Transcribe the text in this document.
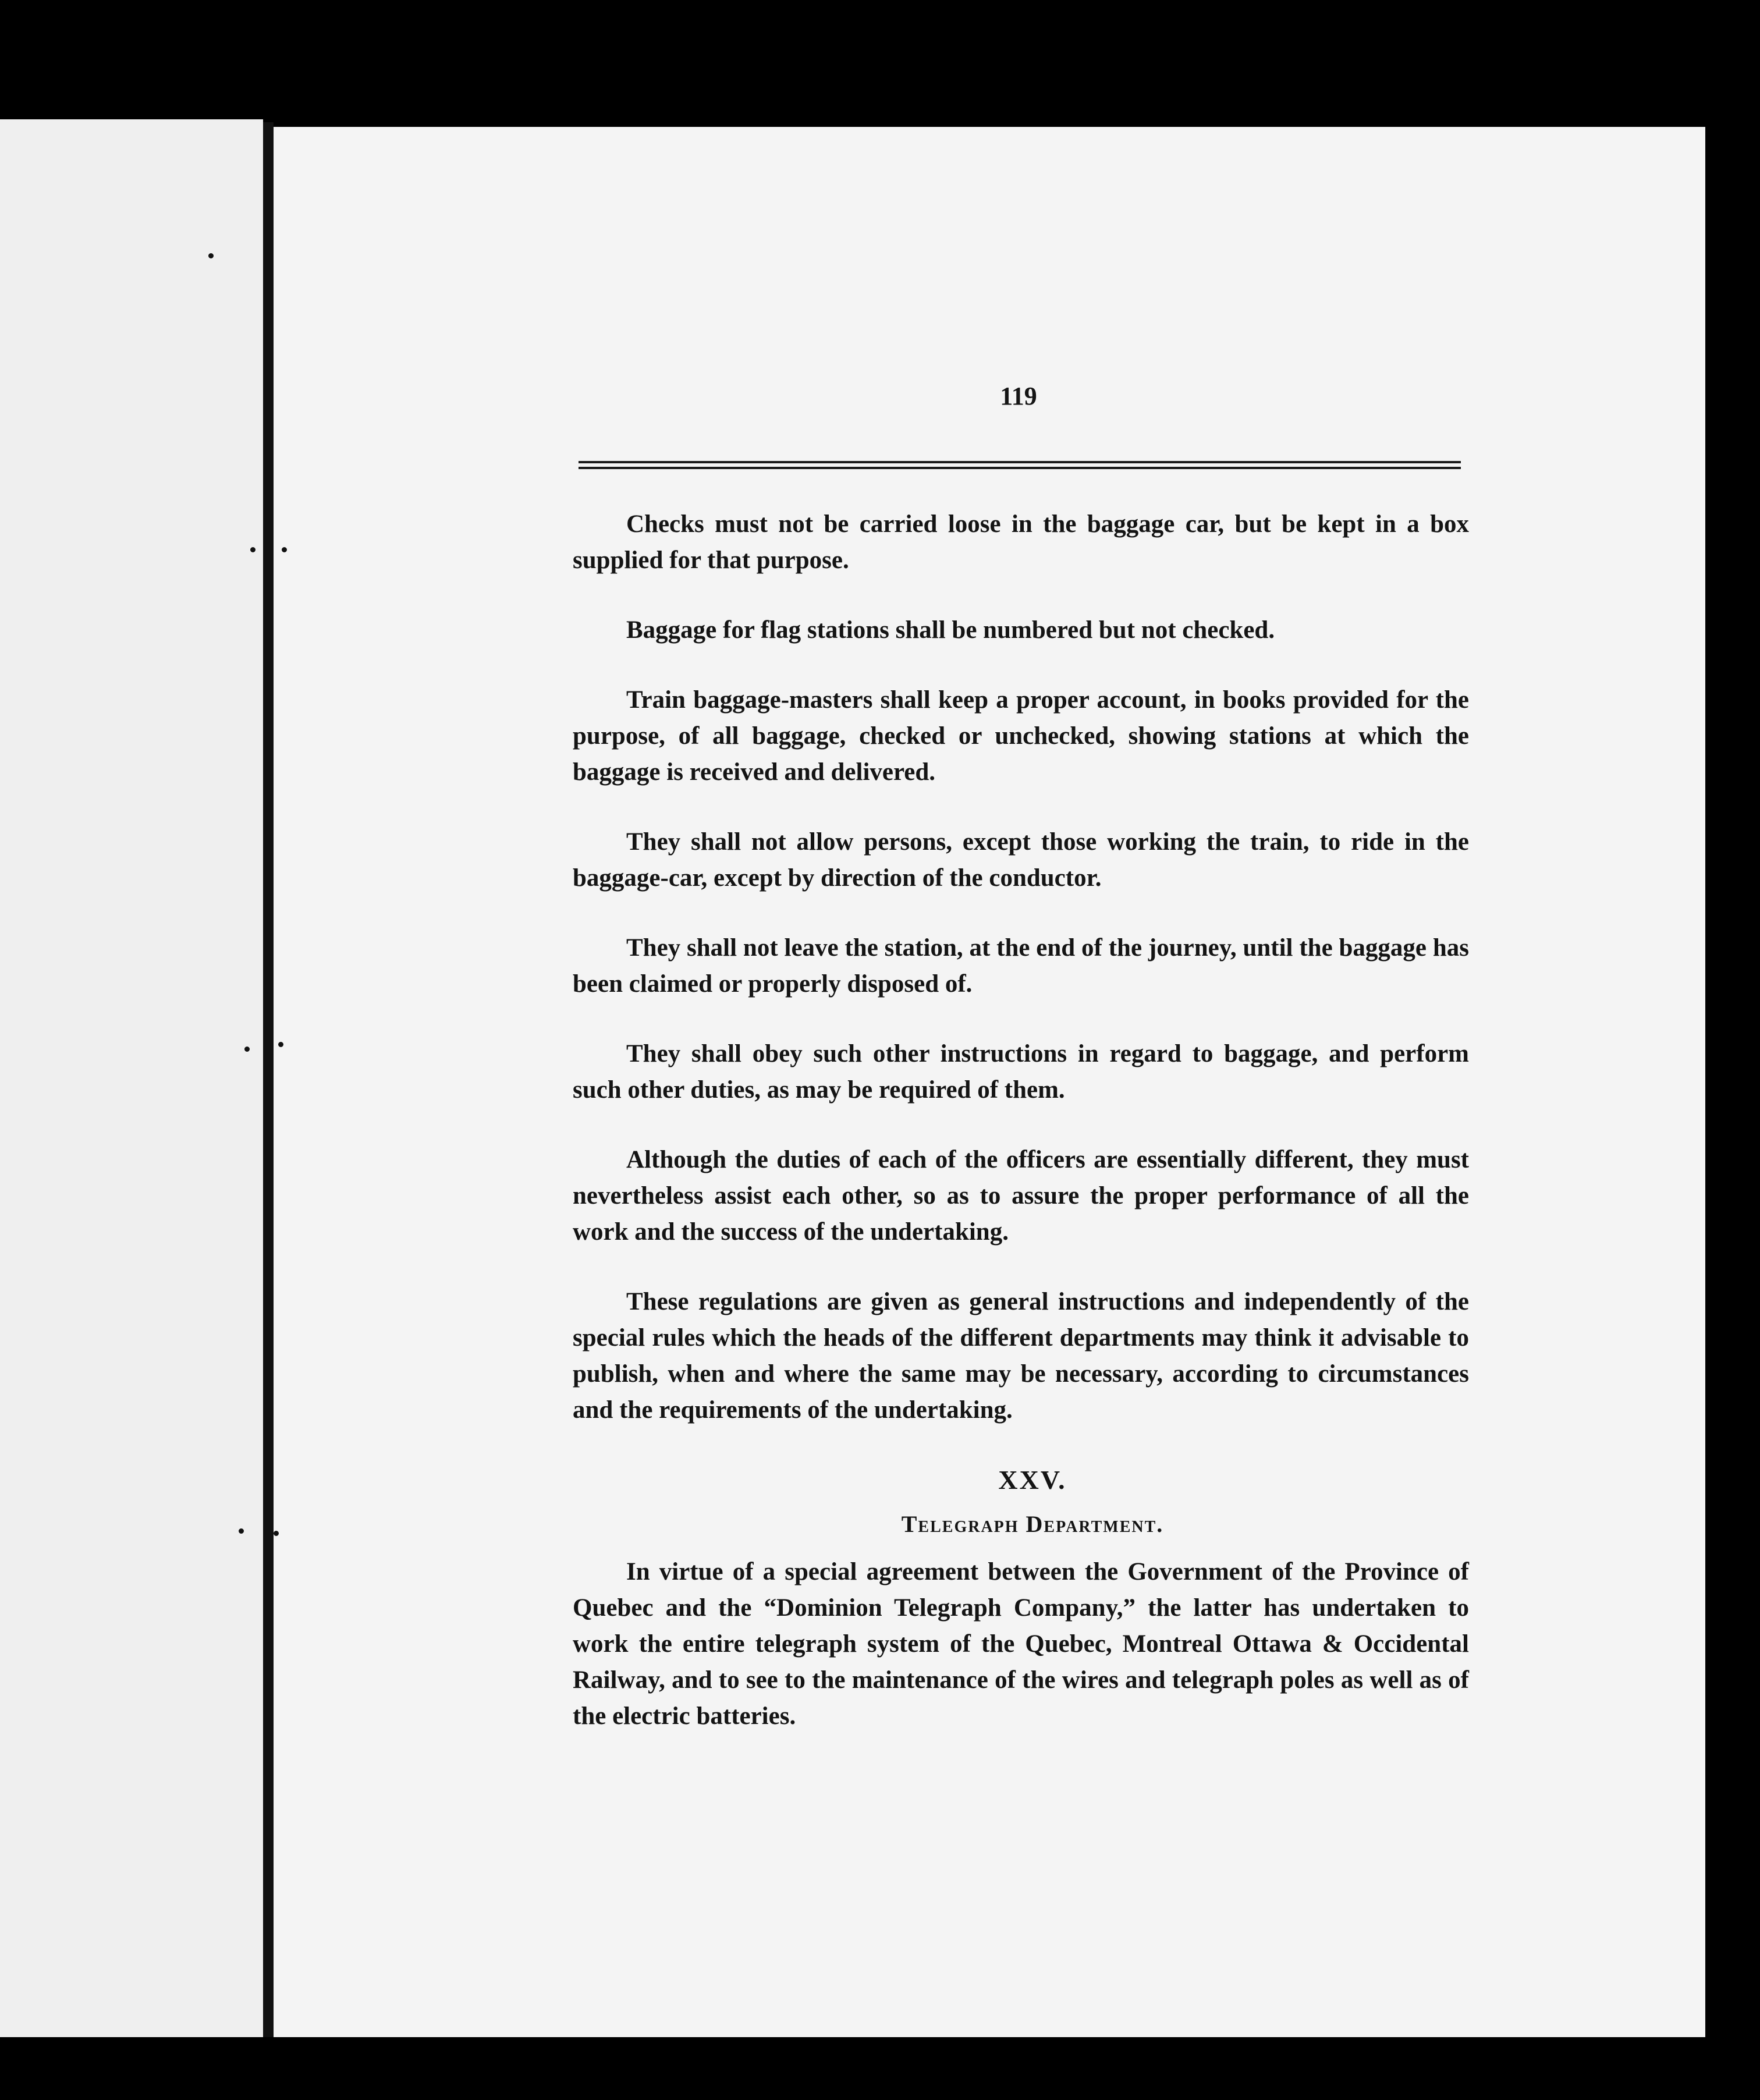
119

Checks must not be carried loose in the baggage car, but be kept in a box supplied for that purpose.

Baggage for flag stations shall be numbered but not checked.

Train baggage-masters shall keep a proper account, in books provided for the purpose, of all baggage, checked or unchecked, showing stations at which the baggage is received and delivered.

They shall not allow persons, except those working the train, to ride in the baggage-car, except by direction of the conductor.

They shall not leave the station, at the end of the journey, until the baggage has been claimed or properly disposed of.

They shall obey such other instructions in regard to baggage, and perform such other duties, as may be required of them.

Although the duties of each of the officers are essentially different, they must nevertheless assist each other, so as to assure the proper performance of all the work and the success of the undertaking.

These regulations are given as general instructions and independently of the special rules which the heads of the different departments may think it advisable to publish, when and where the same may be necessary, according to circumstances and the requirements of the undertaking.

XXV.
Telegraph Department.

In virtue of a special agreement between the Government of the Province of Quebec and the “Dominion Telegraph Company,” the latter has undertaken to work the entire telegraph system of the Quebec, Montreal Ottawa & Occidental Railway, and to see to the maintenance of the wires and telegraph poles as well as of the electric batteries.
